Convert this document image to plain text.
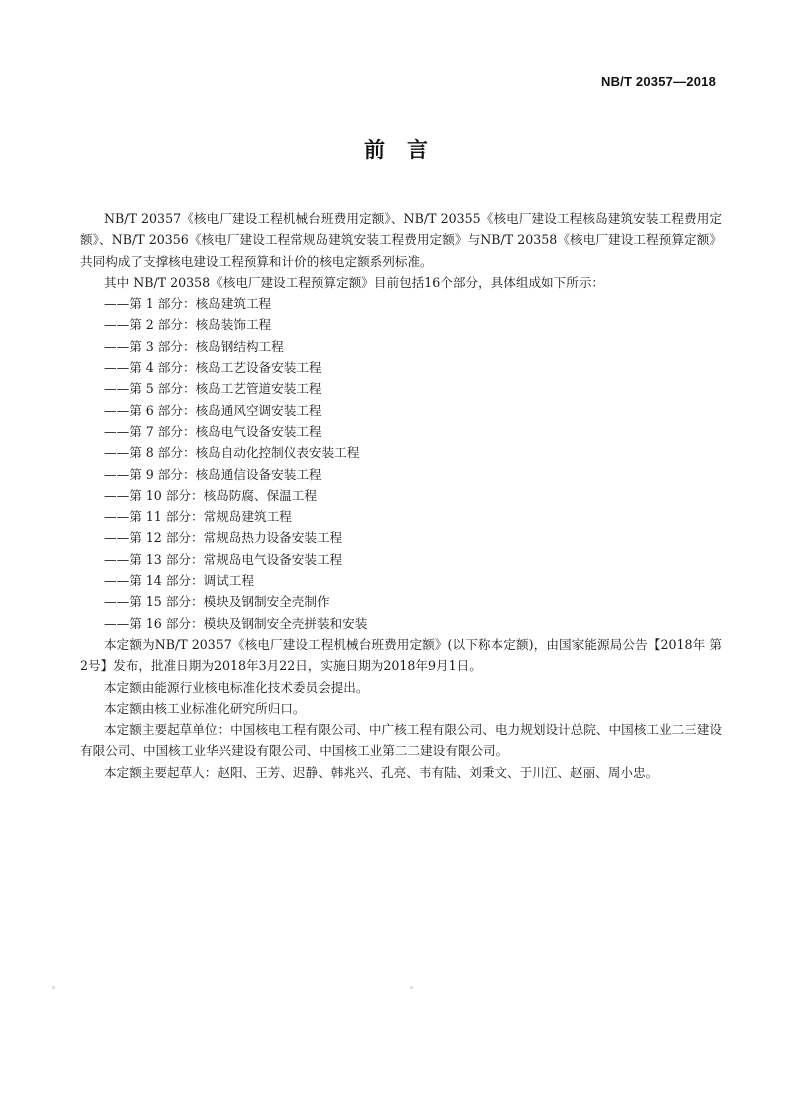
NB/T 20357—2018
前言

NB/T 20357《核电厂建设工程机械台班费用定额》、NB/T 20355《核电厂建设工程核岛建筑安装工程费用定额》、NB/T 20356《核电厂建设工程常规岛建筑安装工程费用定额》与NB/T 20358《核电厂建设工程预算定额》共同构成了支撑核电建设工程预算和计价的核电定额系列标准。

其中 NB/T 20358《核电厂建设工程预算定额》目前包括16个部分，具体组成如下所示：

——第 1 部分：核岛建筑工程
——第 2 部分：核岛装饰工程
——第 3 部分：核岛钢结构工程
——第 4 部分：核岛工艺设备安装工程
——第 5 部分：核岛工艺管道安装工程
——第 6 部分：核岛通风空调安装工程
——第 7 部分：核岛电气设备安装工程
——第 8 部分：核岛自动化控制仪表安装工程
——第 9 部分：核岛通信设备安装工程
——第 10 部分：核岛防腐、保温工程
——第 11 部分：常规岛建筑工程
——第 12 部分：常规岛热力设备安装工程
——第 13 部分：常规岛电气设备安装工程
——第 14 部分：调试工程
——第 15 部分：模块及钢制安全壳制作
——第 16 部分：模块及钢制安全壳拼装和安装

本定额为NB/T 20357《核电厂建设工程机械台班费用定额》(以下称本定额)，由国家能源局公告【2018年 第2号】发布，批准日期为2018年3月22日，实施日期为2018年9月1日。

本定额由能源行业核电标准化技术委员会提出。

本定额由核工业标准化研究所归口。

本定额主要起草单位：中国核电工程有限公司、中广核工程有限公司、电力规划设计总院、中国核工业二三建设有限公司、中国核工业华兴建设有限公司、中国核工业第二二建设有限公司。

本定额主要起草人：赵阳、王芳、迟静、韩兆兴、孔亮、韦有陆、刘秉文、于川江、赵丽、周小忠。
